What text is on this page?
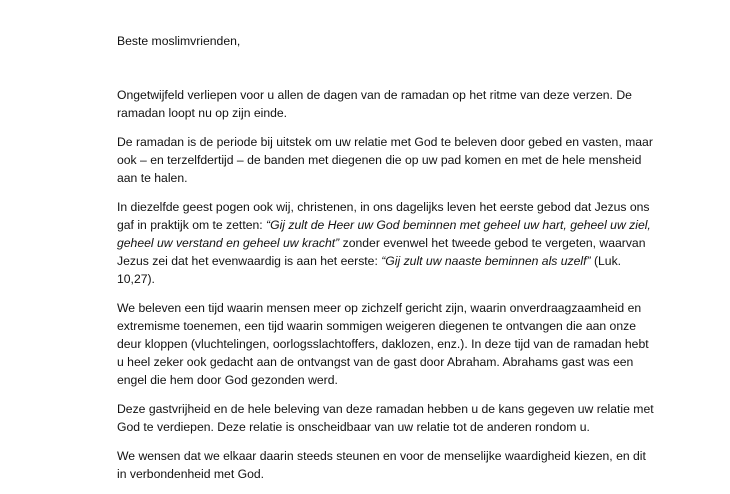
Beste moslimvrienden,

Ongetwijfeld verliepen voor u allen de dagen van de ramadan op het ritme van deze verzen. De ramadan loopt nu op zijn einde.

De ramadan is de periode bij uitstek om uw relatie met God te beleven door gebed en vasten, maar ook – en terzelfdertijd – de banden met diegenen die op uw pad komen en met de hele mensheid aan te halen.

In diezelfde geest pogen ook wij, christenen, in ons dagelijks leven het eerste gebod dat Jezus ons gaf in praktijk om te zetten: “Gij zult de Heer uw God beminnen met geheel uw hart, geheel uw ziel, geheel uw verstand en geheel uw kracht” zonder evenwel het tweede gebod te vergeten, waarvan Jezus zei dat het evenwaardig is aan het eerste: “Gij zult uw naaste beminnen als uzelf” (Luk. 10,27).

We beleven een tijd waarin mensen meer op zichzelf gericht zijn, waarin onverdraagzaamheid en extremisme toenemen, een tijd waarin sommigen weigeren diegenen te ontvangen die aan onze deur kloppen (vluchtelingen, oorlogsslachtoffers, daklozen, enz.). In deze tijd van de ramadan hebt u heel zeker ook gedacht aan de ontvangst van de gast door Abraham. Abrahams gast was een engel die hem door God gezonden werd.

Deze gastvrijheid en de hele beleving van deze ramadan hebben u de kans gegeven uw relatie met God te verdiepen. Deze relatie is onscheidbaar van uw relatie tot de anderen rondom u.

We wensen dat we elkaar daarin steeds steunen en voor de menselijke waardigheid kiezen, en dit in verbondenheid met God.
